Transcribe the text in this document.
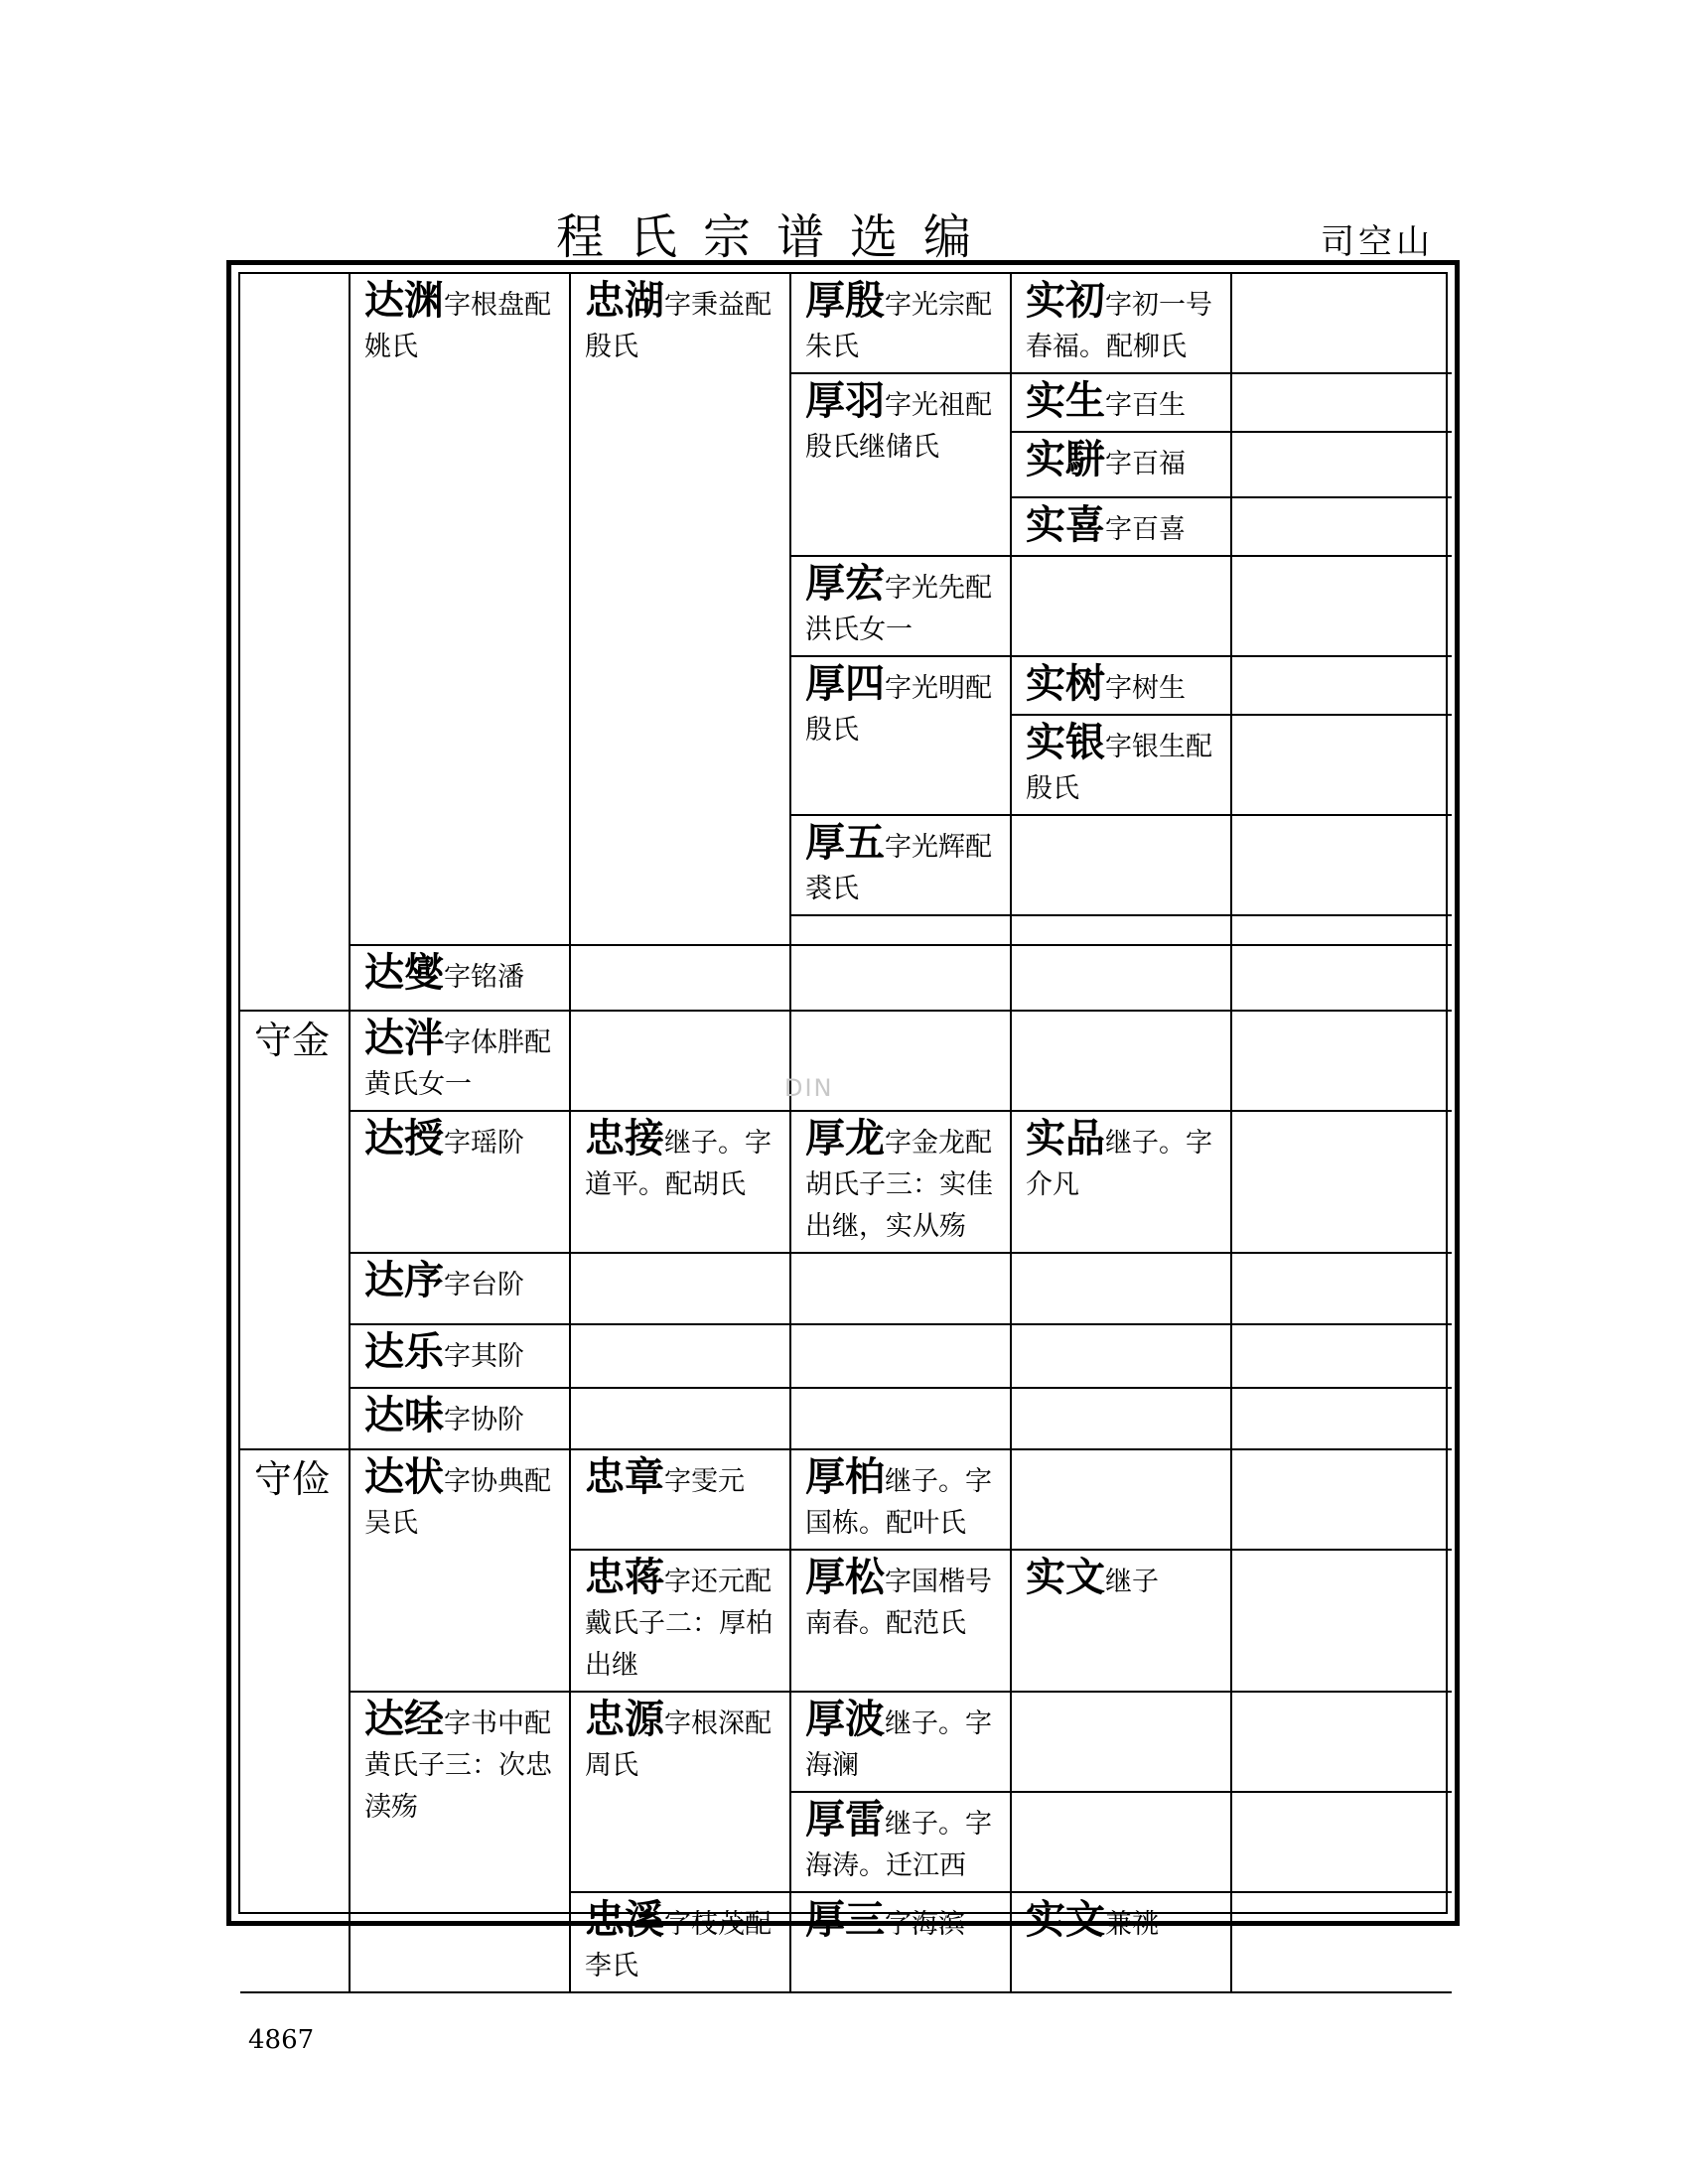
程氏宗谱选编	司空山
	达渊字根盘配姚氏	忠湖字秉益配殷氏	厚殷字光宗配朱氏	实初字初一号春福。配柳氏	
			厚羽字光祖配殷氏继储氏	实生字百生	
				实駢字百福	
				实喜字百喜	
			厚宏字光先配洪氏女一		
			厚四字光明配殷氏	实树字树生	
				实银字银生配殷氏	
			厚五字光辉配裘氏		

	达燮字铭潘				
守金	达泮字体胖配黄氏女一				
	达授字瑶阶	忠接继子。字道平。配胡氏	厚龙字金龙配胡氏子三：实佳出继，实从殇	实品继子。字介凡	
	达序字台阶				
	达乐字其阶				
	达味字协阶				
守俭	达状字协典配吴氏	忠章字雯元	厚柏继子。字国栋。配叶氏		
		忠蒋字还元配戴氏子二：厚柏出继	厚松字国楷号南春。配范氏	实文继子	
	达经字书中配黄氏子三：次忠渎殇	忠源字根深配周氏	厚波继子。字海澜		
			厚雷继子。字海涛。迁江西		
		忠溪字枝茂配李氏	厚三字海滨	实文兼祧	

DIN
4867
